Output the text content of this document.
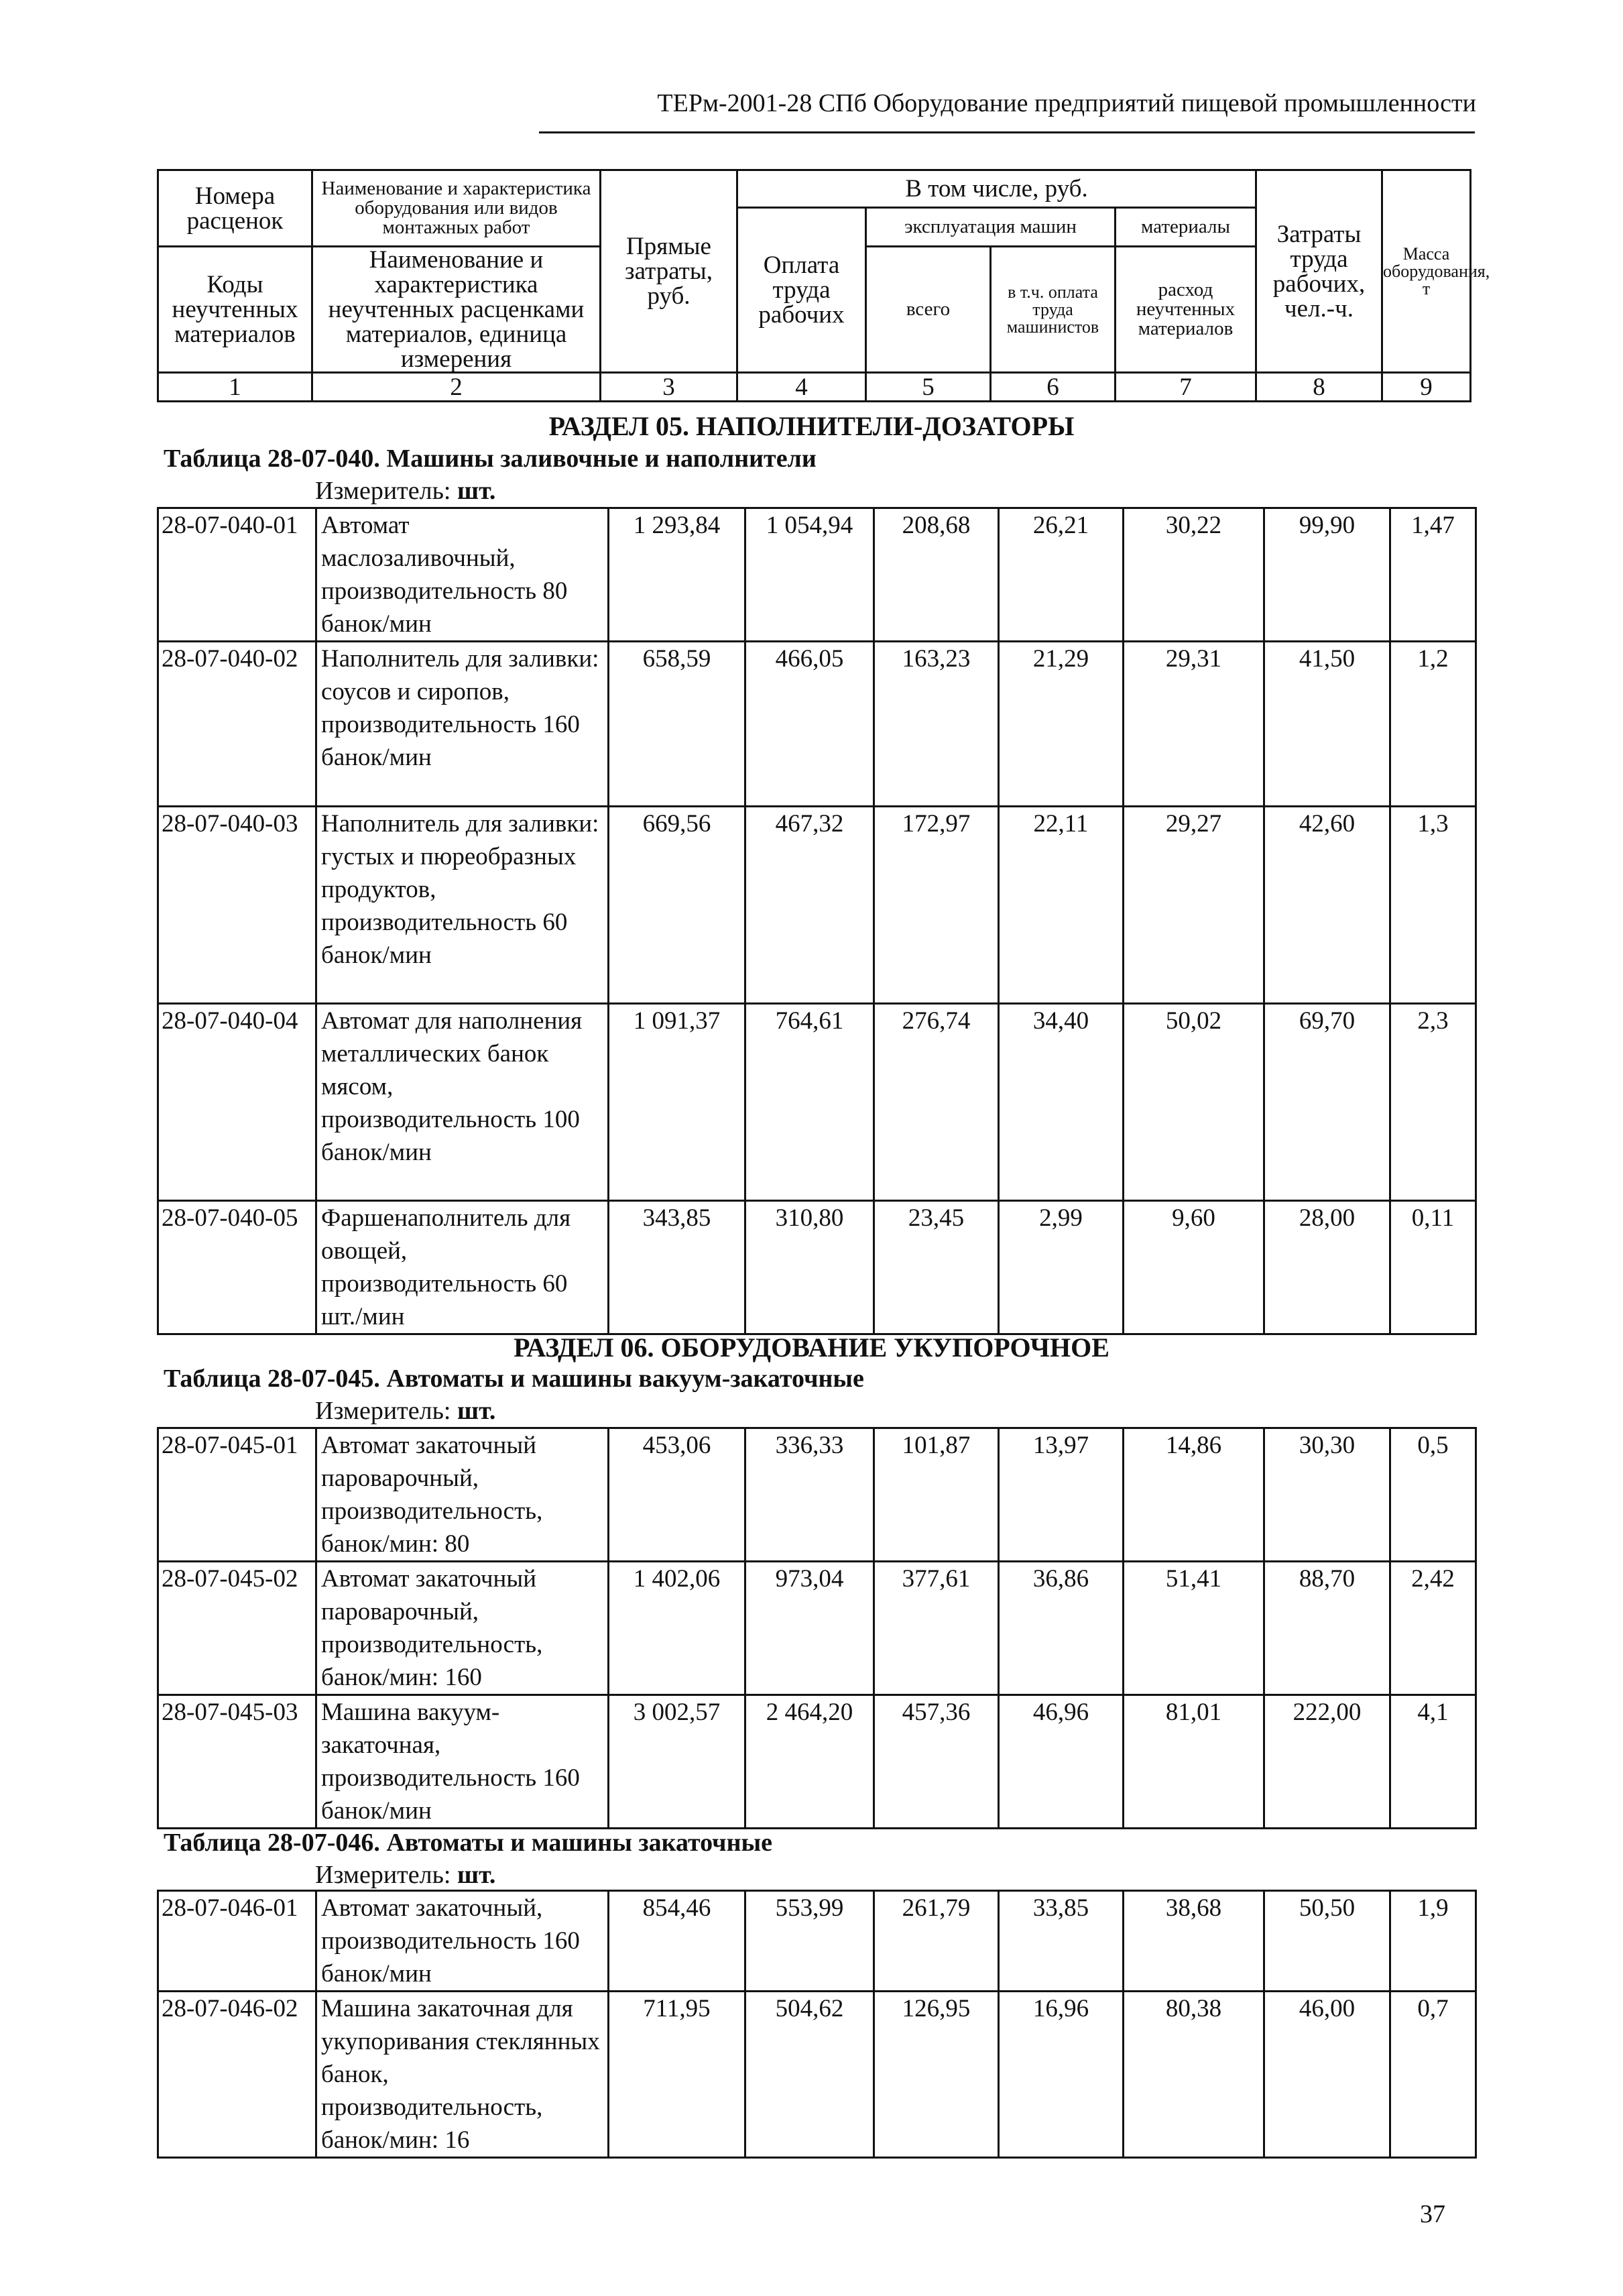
ТЕРм-2001-28 СПб Оборудование предприятий пищевой промышленности
Номера расценок	Наименование и характеристика оборудования или видов монтажных работ	Прямые затраты, руб.	В том числе, руб.				Затраты труда рабочих, чел.-ч.	Масса оборудования, т
			Оплата труда рабочих	эксплуатация машин		материалы		
Коды неучтенных материалов	Наименование и характеристика неучтенных расценками материалов, единица измерения			всего	в т.ч. оплата труда машинистов	расход неучтенных материалов		

1	2	3	4	5	6	7	8	9
РАЗДЕЛ 05. НАПОЛНИТЕЛИ-ДОЗАТОРЫ
Таблица 28-07-040. Машины заливочные и наполнители
Измеритель: шт.
28-07-040-01	Автомат маслозаливочный, производительность 80 банок/мин	1 293,84	1 054,94	208,68	26,21	30,22	99,90	1,47
28-07-040-02	Наполнитель для заливки: соусов и сиропов, производительность 160 банок/мин	658,59	466,05	163,23	21,29	29,31	41,50	1,2
28-07-040-03	Наполнитель для заливки: густых и пюреобразных продуктов, производительность 60 банок/мин	669,56	467,32	172,97	22,11	29,27	42,60	1,3
28-07-040-04	Автомат для наполнения металлических банок мясом, производительность 100 банок/мин	1 091,37	764,61	276,74	34,40	50,02	69,70	2,3
28-07-040-05	Фаршенаполнитель для овощей, производительность 60 шт./мин	343,85	310,80	23,45	2,99	9,60	28,00	0,11
РАЗДЕЛ 06. ОБОРУДОВАНИЕ УКУПОРОЧНОЕ
Таблица 28-07-045. Автоматы и машины вакуум-закаточные
Измеритель: шт.
28-07-045-01	Автомат закаточный пароварочный, производительность, банок/мин: 80	453,06	336,33	101,87	13,97	14,86	30,30	0,5
28-07-045-02	Автомат закаточный пароварочный, производительность, банок/мин: 160	1 402,06	973,04	377,61	36,86	51,41	88,70	2,42
28-07-045-03	Машина вакуум-закаточная, производительность 160 банок/мин	3 002,57	2 464,20	457,36	46,96	81,01	222,00	4,1
Таблица 28-07-046. Автоматы и машины закаточные
Измеритель: шт.
28-07-046-01	Автомат закаточный, производительность 160 банок/мин	854,46	553,99	261,79	33,85	38,68	50,50	1,9
28-07-046-02	Машина закаточная для укупоривания стеклянных банок, производительность, банок/мин: 16	711,95	504,62	126,95	16,96	80,38	46,00	0,7
37
